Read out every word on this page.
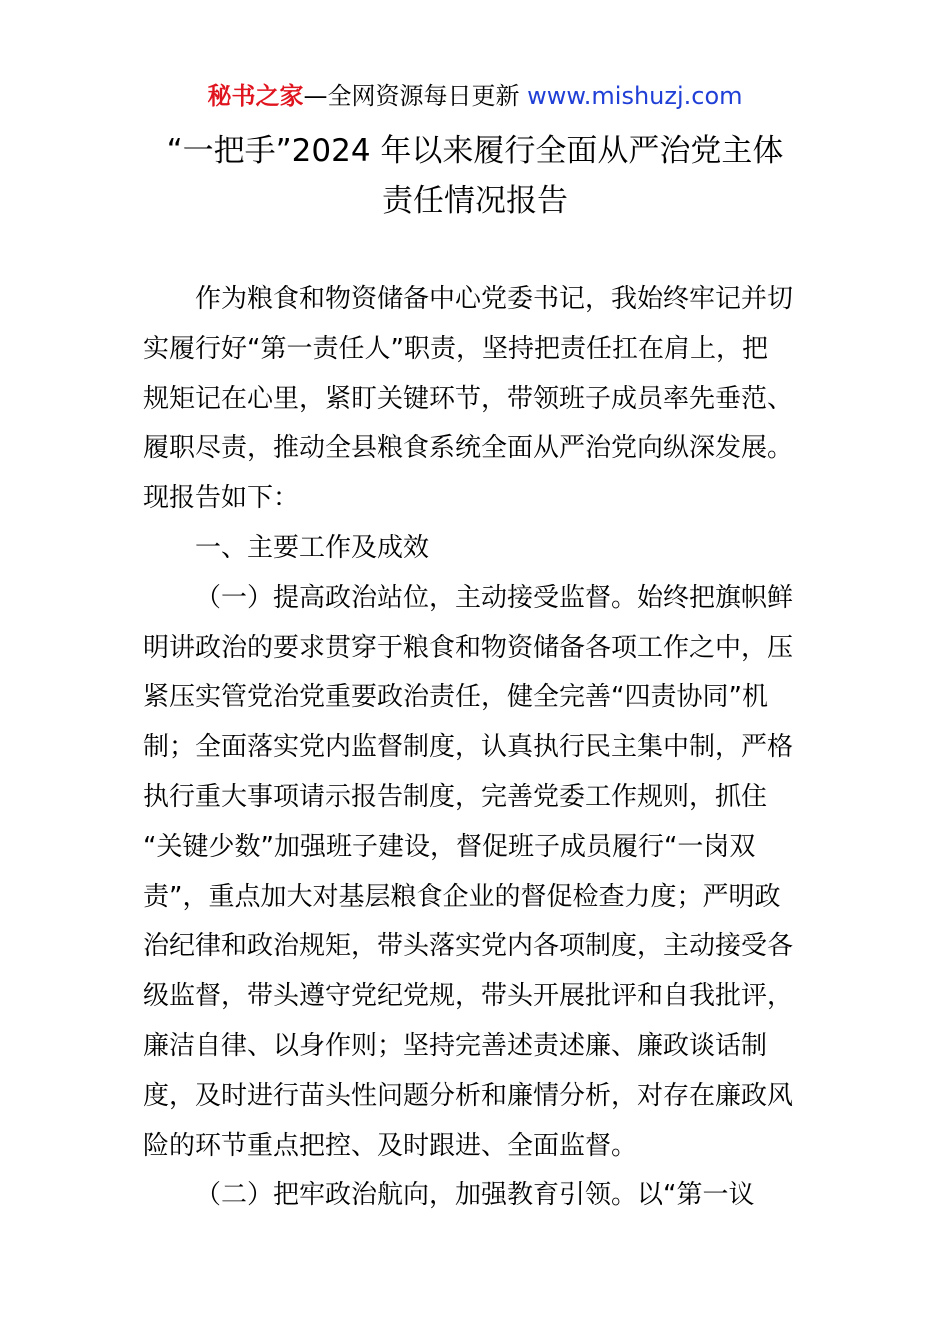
秘书之家—全网资源每日更新 www.mishuzj.com
“一把手”2024 年以来履行全面从严治党主体
责任情况报告
作为粮食和物资储备中心党委书记，我始终牢记并切
实履行好“第一责任人”职责，坚持把责任扛在肩上，把
规矩记在心里，紧盯关键环节，带领班子成员率先垂范、
履职尽责，推动全县粮食系统全面从严治党向纵深发展。
现报告如下：
一、主要工作及成效
（一）提高政治站位，主动接受监督。始终把旗帜鲜
明讲政治的要求贯穿于粮食和物资储备各项工作之中，压
紧压实管党治党重要政治责任，健全完善“四责协同”机
制；全面落实党内监督制度，认真执行民主集中制，严格
执行重大事项请示报告制度，完善党委工作规则，抓住
“关键少数”加强班子建设，督促班子成员履行“一岗双
责”，重点加大对基层粮食企业的督促检查力度；严明政
治纪律和政治规矩，带头落实党内各项制度，主动接受各
级监督，带头遵守党纪党规，带头开展批评和自我批评，
廉洁自律、以身作则；坚持完善述责述廉、廉政谈话制
度，及时进行苗头性问题分析和廉情分析，对存在廉政风
险的环节重点把控、及时跟进、全面监督。
（二）把牢政治航向，加强教育引领。以“第一议
